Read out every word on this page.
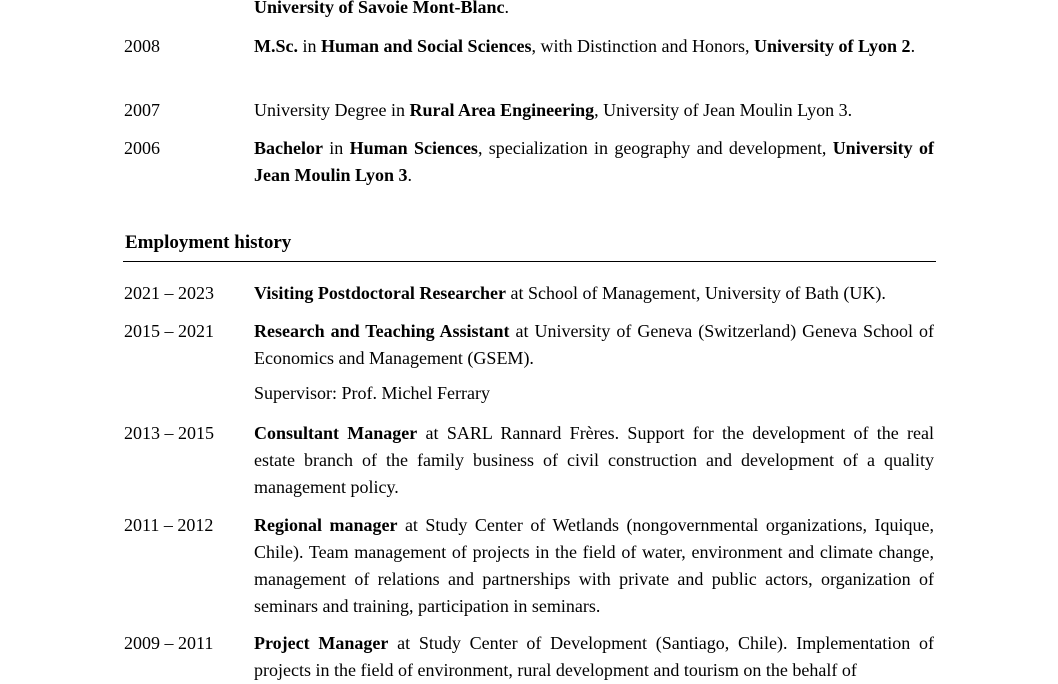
University of Savoie Mont-Blanc.
2008	M.Sc. in Human and Social Sciences, with Distinction and Honors, University of Lyon 2.
2007	University Degree in Rural Area Engineering, University of Jean Moulin Lyon 3.
2006	Bachelor in Human Sciences, specialization in geography and development, University of Jean Moulin Lyon 3.
Employment history
2021 – 2023	Visiting Postdoctoral Researcher at School of Management, University of Bath (UK).
2015 – 2021	Research and Teaching Assistant at University of Geneva (Switzerland) Geneva School of Economics and Management (GSEM).
Supervisor: Prof. Michel Ferrary
2013 – 2015	Consultant Manager at SARL Rannard Frères. Support for the development of the real estate branch of the family business of civil construction and development of a quality management policy.
2011 – 2012	Regional manager at Study Center of Wetlands (nongovernmental organizations, Iquique, Chile). Team management of projects in the field of water, environment and climate change, management of relations and partnerships with private and public actors, organization of seminars and training, participation in seminars.
2009 – 2011	Project Manager at Study Center of Development (Santiago, Chile). Implementation of projects in the field of environment, rural development and tourism on the behalf of
